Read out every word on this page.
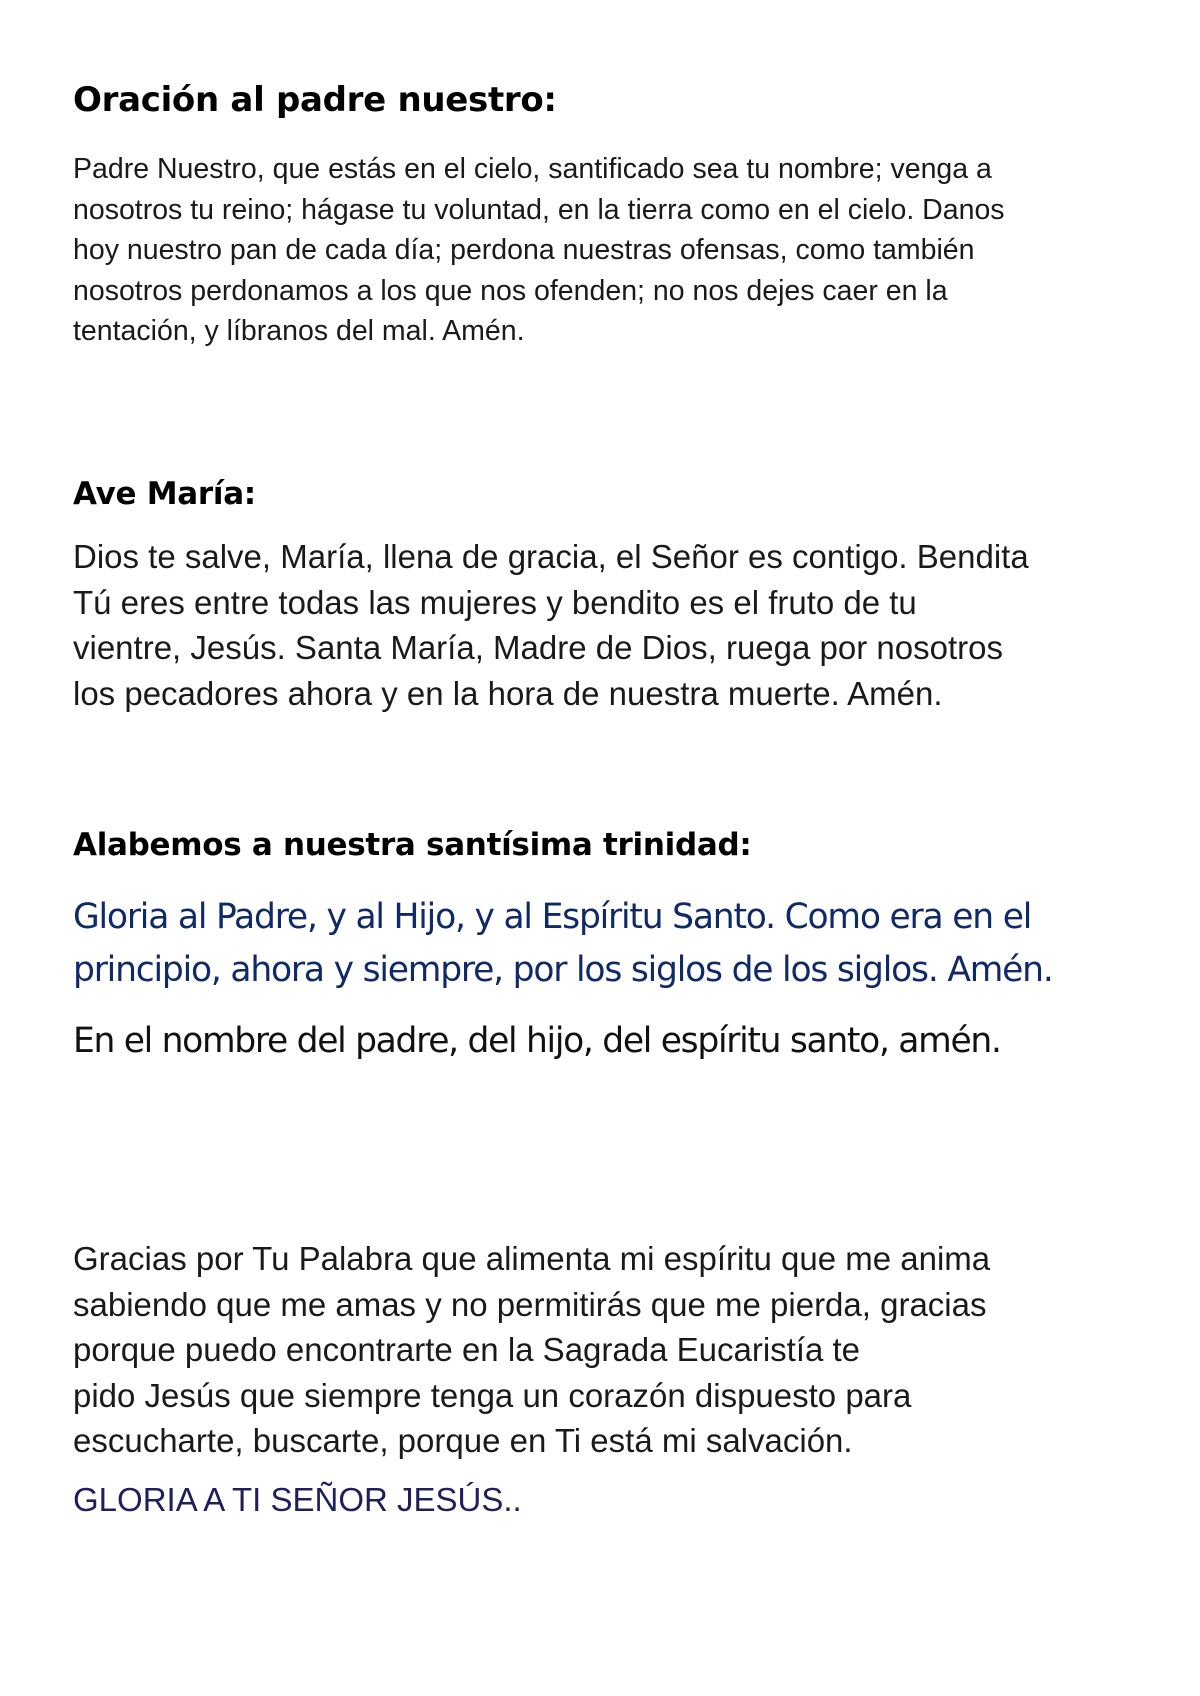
Oración al padre nuestro:

Padre Nuestro, que estás en el cielo, santificado sea tu nombre; venga a
nosotros tu reino; hágase tu voluntad, en la tierra como en el cielo. Danos
hoy nuestro pan de cada día; perdona nuestras ofensas, como también
nosotros perdonamos a los que nos ofenden; no nos dejes caer en la
tentación, y líbranos del mal. Amén.

Ave María:

Dios te salve, María, llena de gracia, el Señor es contigo. Bendita
Tú eres entre todas las mujeres y bendito es el fruto de tu
vientre, Jesús. Santa María, Madre de Dios, ruega por nosotros
los pecadores ahora y en la hora de nuestra muerte. Amén.

Alabemos a nuestra santísima trinidad:

Gloria al Padre, y al Hijo, y al Espíritu Santo. Como era en el
principio, ahora y siempre, por los siglos de los siglos. Amén.

En el nombre del padre, del hijo, del espíritu santo, amén.

Gracias por Tu Palabra que alimenta mi espíritu que me anima
sabiendo que me amas y no permitirás que me pierda, gracias
porque puedo encontrarte en la Sagrada Eucaristía te
pido Jesús que siempre tenga un corazón dispuesto para
escucharte, buscarte, porque en Ti está mi salvación.

GLORIA A TI SEÑOR JESÚS..
